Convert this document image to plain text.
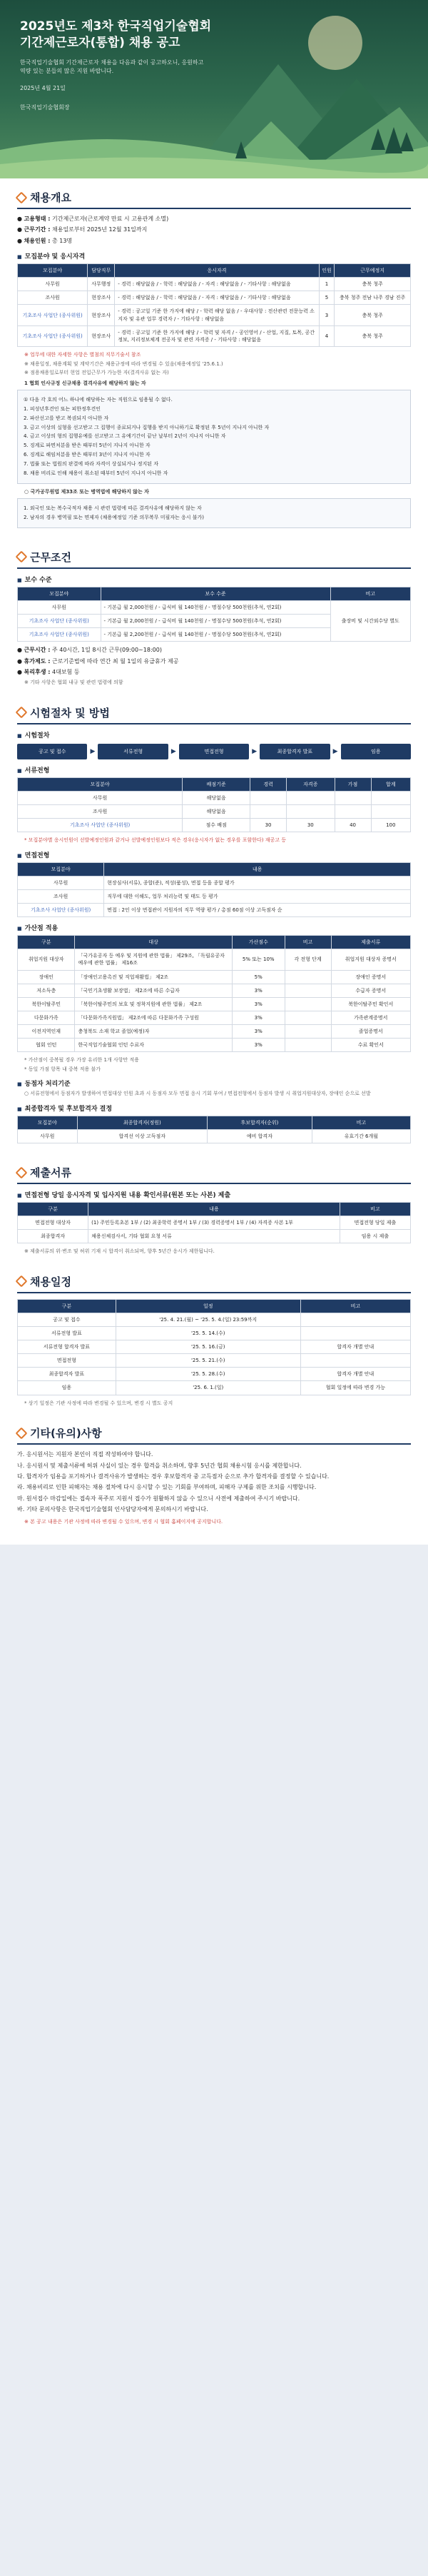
2025년도 제3차 한국직업기술협회
기간제근로자(통합) 채용 공고
한국직업기술협회 기간제근로자 채용을 다음과 같이 공고하오니, 응원하고
역량 있는 분들의 많은 지원 바랍니다.
2025년 4월 21일
한국직업기술협회장
채용개요
● 고용형태 : 기간제근로자(근로계약 만료 시 고용관계 소멸)
● 근무기간 : 채용일로부터 2025년 12월 31일까지
● 채용인원 : 총 13명
■ 모집분야 및 응시자격
모집분야	담당직무	응시자격	인원	근무예정지
사무원	사무행정	- 경력 : 해당없음 / - 학력 : 해당없음 / - 자격 : 해당없음 / - 기타사항 : 해당없음	1	충북 청주
조사원	현장조사	- 경력 : 해당없음 / - 학력 : 해당없음 / - 자격 : 해당없음 / - 기타사항 : 해당없음	5	충북 청주 전남 나주 경남 진주
기초조사 사업단 (종사위원)	현장조사	- 경력 : 공고일 기준 한 가지에 해당 / - 학력 해당 없음 / - 우대사항 : 전산관련 전문능력 소지자 및 유관 업무 경력자 / - 기타사항 : 해당없음	3	충북 청주
기초조사 사업단 (종사위원)	현장조사	- 경력 : 공고일 기준 한 가지에 해당 / - 학력 및 자격 / - 공인영어 / - 산업, 지질, 토목, 공간정보, 지리정보체계 전공자 및 관련 자격증 / - 기타사항 : 해당없음	4	충북 청주
※ 업무에 대한 자세한 사항은 별첨의 직무기술서 참조
※ 채용일정, 채용계획 및 계약기간은 채용규정에 따라 변경될 수 있음(채용예정일 '25.6.1.)
※ 점용채용일로부터 현업 전입근무가 가능한 자(결격사유 없는 자)
1 협회 인사규정 신규채용 결격사유에 해당하지 않는 자

① 다음 각 호의 어느 하나에 해당하는 자는 직원으로 임용될 수 없다.

1. 피성년후견인 또는 피한정후견인

2. 파산선고를 받고 복권되지 아니한 자

3. 금고 이상의 실형을 선고받고 그 집행이 종료되거나 집행을 받지 아니하기로 확정된 후 5년이 지나지 아니한 자

4. 금고 이상의 형의 집행유예를 선고받고 그 유예기간이 끝난 날부터 2년이 지나지 아니한 자

5. 징계로 파면처분을 받은 때부터 5년이 지나지 아니한 자

6. 징계로 해임처분을 받은 때부터 3년이 지나지 아니한 자

7. 법률 또는 법원의 판결에 따라 자격이 상실되거나 정지된 자

8. 채용 비리로 인해 채용이 취소된 때부터 5년이 지나지 아니한 자

○ 국가공무원법 제33조 또는 병역법에 해당하지 않는 자

1. 외국인 또는 복수국적자 채용 시 관련 법령에 따른 결격사유에 해당하지 않는 자

2. 남자의 경우 병역필 또는 면제자 (채용예정일 기준 의무복무 미필자는 응시 불가)

근무조건
■ 보수 수준
모집분야	보수 수준	비고
사무원	- 기본급 월 2,000천원 / - 급식비 월 140천원 / - 명절수당 500천원(추석, 연2회)	출장비 및 시간외수당 별도
기초조사 사업단 (종사위원)	- 기본급 월 2,000천원 / - 급식비 월 140천원 / - 명절수당 500천원(추석, 연2회)	
기초조사 사업단 (종사위원)	- 기본급 월 2,200천원 / - 급식비 월 140천원 / - 명절수당 500천원(추석, 연2회)	
● 근무시간 : 주 40시간, 1일 8시간 근무(09:00~18:00)
● 휴가제도 : 근로기준법에 따라 연간 최 월 1일의 유급휴가 제공
● 복리후생 : 4대보험 등
※ 기타 사항은 협회 내규 및 관련 법령에 의함
시험절차 및 방법
■ 시험절차
공고 및 접수	▶	서류전형	▶	면접전형	▶	최종합격자 발표	▶	임용
■ 서류전형
모집분야	배점기준	경력	자격증	가점	합계
사무원	해당없음				
조사원	해당없음				
기초조사 사업단 (종사위원)	점수 배점	30	30	40	100
* 모집분야별 응시인원이 선발예정인원과 같거나 선발예정인원보다 적은 경우(응시자가 없는 경우를 포함한다) 재공고 등
■ 면접전형
모집분야	내용
사무원	현장심사(서류), 종합(준), 적성(품성), 면접 등을 종합 평가
조사원	직무에 대한 이해도, 업무 처리능력 및 태도 등 평가
기초조사 사업단 (종사위원)	면접 : 2인 이상 면접관이 지원자의 직무 역량 평가 / 총점 60점 이상 고득점자 순
■ 가산점 적용
구분	대상	가산점수	비고	제출서류
취업지원 대상자	「국가유공자 등 예우 및 지원에 관한 법률」 제29조, 「독립유공자 예우에 관한 법률」 제16조	5% 또는 10%	각 전형 단계	취업지원 대상자 증명서
장애인	「장애인고용촉진 및 직업재활법」 제2조	5%		장애인 증명서
저소득층	「국민기초생활 보장법」 제2조에 따른 수급자	3%		수급자 증명서
북한이탈주민	「북한이탈주민의 보호 및 정착지원에 관한 법률」 제2조	3%		북한이탈주민 확인서
다문화가족	「다문화가족지원법」 제2조에 따른 다문화가족 구성원	3%		가족관계증명서
이전지역인재	충청북도 소재 학교 졸업(예정)자	3%		졸업증명서
협회 인턴	한국직업기술협회 인턴 수료자	3%		수료 확인서
* 가산점이 중복될 경우 가장 유리한 1개 사항만 적용
* 동일 가점 항목 내 중복 적용 불가
■ 동점자 처리기준
○ 서류전형에서 동점자가 발생하여 면접대상 인원 초과 시 동점자 모두 면접 응시 기회 부여 / 면접전형에서 동점자 발생 시 취업지원대상자, 장애인 순으로 선발
■ 최종합격자 및 후보합격자 결정
모집분야	최종합격자(정원)	후보합격자(순위)	비고
사무원	합격선 이상 고득점자	예비 합격자	유효기간 6개월
제출서류
■ 면접전형 당일 응시자격 및 입사지원 내용 확인서류(원본 또는 사본) 제출
구분	내용	비고
면접전형 대상자	(1) 주민등록초본 1부 / (2) 최종학력 증명서 1부 / (3) 경력증명서 1부 / (4) 자격증 사본 1부	면접전형 당일 제출
최종합격자	채용신체검사서, 기타 협회 요청 서류	임용 시 제출
※ 제출서류의 위·변조 및 허위 기재 시 합격이 취소되며, 향후 5년간 응시가 제한됩니다.
채용일정
구분	일정	비고
공고 및 접수	'25. 4. 21.(월) ~ '25. 5. 4.(일) 23:59까지	
서류전형 발표	'25. 5. 14.(수)	
서류전형 합격자 발표	'25. 5. 16.(금)	합격자 개별 안내
면접전형	'25. 5. 21.(수)	
최종합격자 발표	'25. 5. 28.(수)	합격자 개별 안내
임용	'25. 6. 1.(일)	협회 일정에 따라 변경 가능
* 상기 일정은 기관 사정에 따라 변경될 수 있으며, 변경 시 별도 공지
기타(유의)사항
가. 응시원서는 지원자 본인이 직접 작성하여야 합니다.
나. 응시원서 및 제출서류에 허위 사실이 있는 경우 합격을 취소하며, 향후 5년간 협회 채용시험 응시를 제한합니다.
다. 합격자가 임용을 포기하거나 결격사유가 발생하는 경우 후보합격자 중 고득점자 순으로 추가 합격자를 결정할 수 있습니다.
라. 채용비리로 인한 피해자는 채용 절차에 다시 응시할 수 있는 기회를 부여하며, 피해자 구제를 위한 조치를 시행합니다.
마. 원서접수 마감일에는 접속자 폭주로 지원서 접수가 원활하지 않을 수 있으니 사전에 제출하여 주시기 바랍니다.
바. 기타 문의사항은 한국직업기술협회 인사담당자에게 문의하시기 바랍니다.
※ 본 공고 내용은 기관 사정에 따라 변경될 수 있으며, 변경 시 협회 홈페이지에 공지합니다.
